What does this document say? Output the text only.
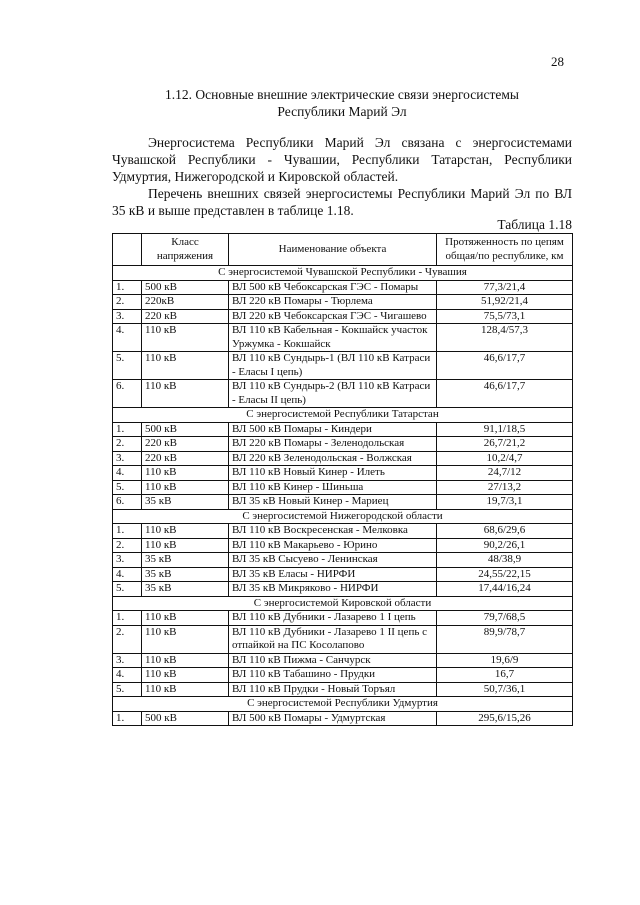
28
1.12. Основные внешние электрические связи энергосистемы
Республики Марий Эл
Энергосистема Республики Марий Эл связана с энергосистемами Чувашской Республики - Чувашии, Республики Татарстан, Республики Удмуртия, Нижегородской и Кировской областей.
Перечень внешних связей энергосистемы Республики Марий Эл по ВЛ 35 кВ и выше представлен в таблице 1.18.
Таблица 1.18
	Класс напряжения	Наименование объекта	Протяженность по цепям общая/по республике, км
С энергосистемой Чувашской Республики - Чувашия			
1.	500 кВ	ВЛ 500 кВ Чебоксарская ГЭС - Помары	77,3/21,4
2.	220кВ	ВЛ 220 кВ Помары - Тюрлема	51,92/21,4
3.	220 кВ	ВЛ 220 кВ Чебоксарская ГЭС - Чигашево	75,5/73,1
4.	110 кВ	ВЛ 110 кВ Кабельная - Кокшайск участок Уржумка - Кокшайск	128,4/57,3
5.	110 кВ	ВЛ 110 кВ Сундырь-1 (ВЛ 110 кВ Катраси - Еласы I цепь)	46,6/17,7
6.	110 кВ	ВЛ 110 кВ Сундырь-2 (ВЛ 110 кВ Катраси - Еласы II цепь)	46,6/17,7
С энергосистемой Республики Татарстан			
1.	500 кВ	ВЛ 500 кВ Помары - Киндери	91,1/18,5
2.	220 кВ	ВЛ 220 кВ Помары - Зеленодольская	26,7/21,2
3.	220 кВ	ВЛ 220 кВ Зеленодольская - Волжская	10,2/4,7
4.	110 кВ	ВЛ 110 кВ Новый Кинер - Илеть	24,7/12
5.	110 кВ	ВЛ 110 кВ Кинер - Шиньша	27/13,2
6.	35 кВ	ВЛ 35 кВ Новый Кинер - Мариец	19,7/3,1
С энергосистемой Нижегородской области			
1.	110 кВ	ВЛ 110 кВ Воскресенская - Мелковка	68,6/29,6
2.	110 кВ	ВЛ 110 кВ Макарьево - Юрино	90,2/26,1
3.	35 кВ	ВЛ 35 кВ Сысуево - Ленинская	48/38,9
4.	35 кВ	ВЛ 35 кВ Еласы - НИРФИ	24,55/22,15
5.	35 кВ	ВЛ 35 кВ Микряково - НИРФИ	17,44/16,24
С энергосистемой Кировской области			
1.	110 кВ	ВЛ 110 кВ Дубники - Лазарево 1 I цепь	79,7/68,5
2.	110 кВ	ВЛ 110 кВ Дубники - Лазарево 1 II цепь с отпайкой на ПС Косолапово	89,9/78,7
3.	110 кВ	ВЛ 110 кВ Пижма - Санчурск	19,6/9
4.	110 кВ	ВЛ 110 кВ Табашино - Прудки	16,7
5.	110 кВ	ВЛ 110 кВ Прудки - Новый Торъял	50,7/36,1
С энергосистемой Республики Удмуртия			
1.	500 кВ	ВЛ 500 кВ Помары - Удмуртская	295,6/15,26
